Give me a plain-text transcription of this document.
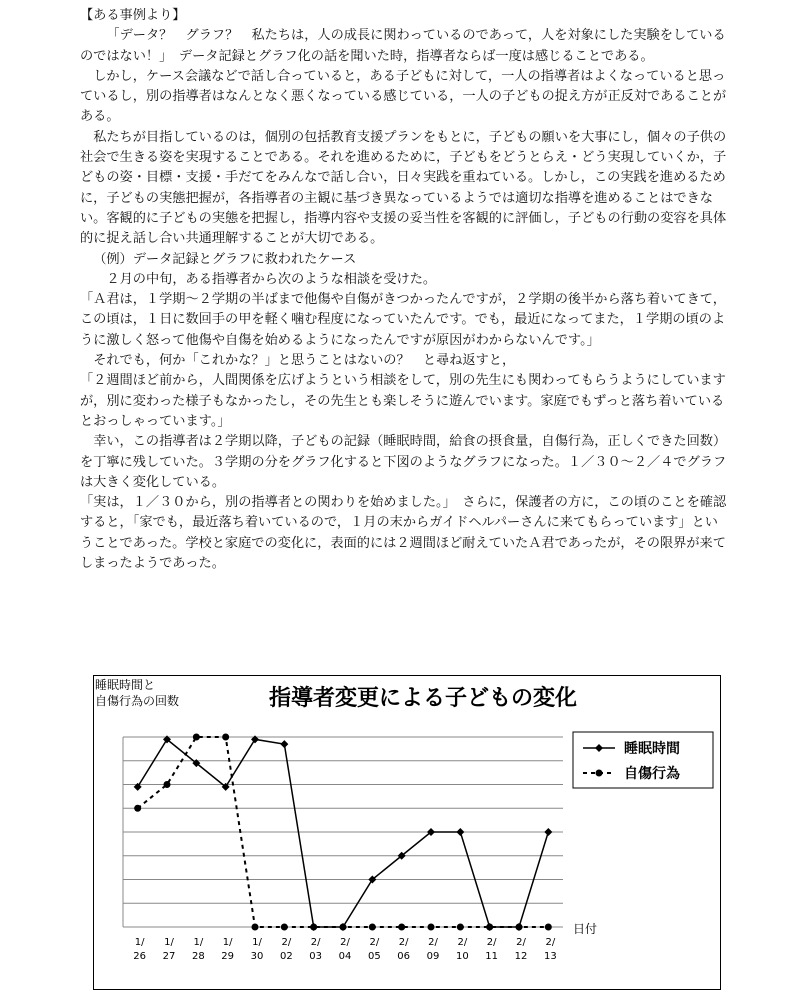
【ある事例より】

「データ？　グラフ？　私たちは，人の成長に関わっているのであって，人を対象にした実験をしているのではない！」　データ記録とグラフ化の話を聞いた時，指導者ならば一度は感じることである。

しかし，ケース会議などで話し合っていると，ある子どもに対して，一人の指導者はよくなっていると思っているし，別の指導者はなんとなく悪くなっている感じている，一人の子どもの捉え方が正反対であることがある。

私たちが目指しているのは，個別の包括教育支援プランをもとに，子どもの願いを大事にし，個々の子供の社会で生きる姿を実現することである。それを進めるために，子どもをどうとらえ・どう実現していくか，子どもの姿・目標・支援・手だてをみんなで話し合い，日々実践を重ねている。しかし，この実践を進めるために，子どもの実態把握が，各指導者の主観に基づき異なっているようでは適切な指導を進めることはできない。客観的に子どもの実態を把握し，指導内容や支援の妥当性を客観的に評価し，子どもの行動の変容を具体的に捉え話し合い共通理解することが大切である。

（例）データ記録とグラフに救われたケース

２月の中旬，ある指導者から次のような相談を受けた。

「Ａ君は，１学期～２学期の半ばまで他傷や自傷がきつかったんですが，２学期の後半から落ち着いてきて，この頃は，１日に数回手の甲を軽く噛む程度になっていたんです。でも，最近になってまた，１学期の頃のように激しく怒って他傷や自傷を始めるようになったんですが原因がわからないんです。」

それでも，何か「これかな？」と思うことはないの？　と尋ね返すと，

「２週間ほど前から，人間関係を広げようという相談をして，別の先生にも関わってもらうようにしていますが，別に変わった様子もなかったし，その先生とも楽しそうに遊んでいます。家庭でもずっと落ち着いているとおっしゃっています。」

幸い，この指導者は２学期以降，子どもの記録（睡眠時間，給食の摂食量，自傷行為，正しくできた回数）を丁寧に残していた。３学期の分をグラフ化すると下図のようなグラフになった。１／３０～２／４でグラフは大きく変化している。

「実は，１／３０から，別の指導者との関わりを始めました。」　さらに，保護者の方に，この頃のことを確認すると，「家でも，最近落ち着いているので，１月の末からガイドヘルパーさんに来てもらっています」ということであった。学校と家庭での変化に，表面的には２週間ほど耐えていたＡ君であったが，その限界が来てしまったようであった。

睡眠時間と
自傷行為の回数	指導者変更による子どもの変化
1/
26
1/
27
1/
28
1/
29
1/
30
2/
02
2/
03
2/
04
2/
05
2/
06
2/
09
2/
10
2/
11
2/
12
2/
13
日付
睡眠時間
自傷行為
